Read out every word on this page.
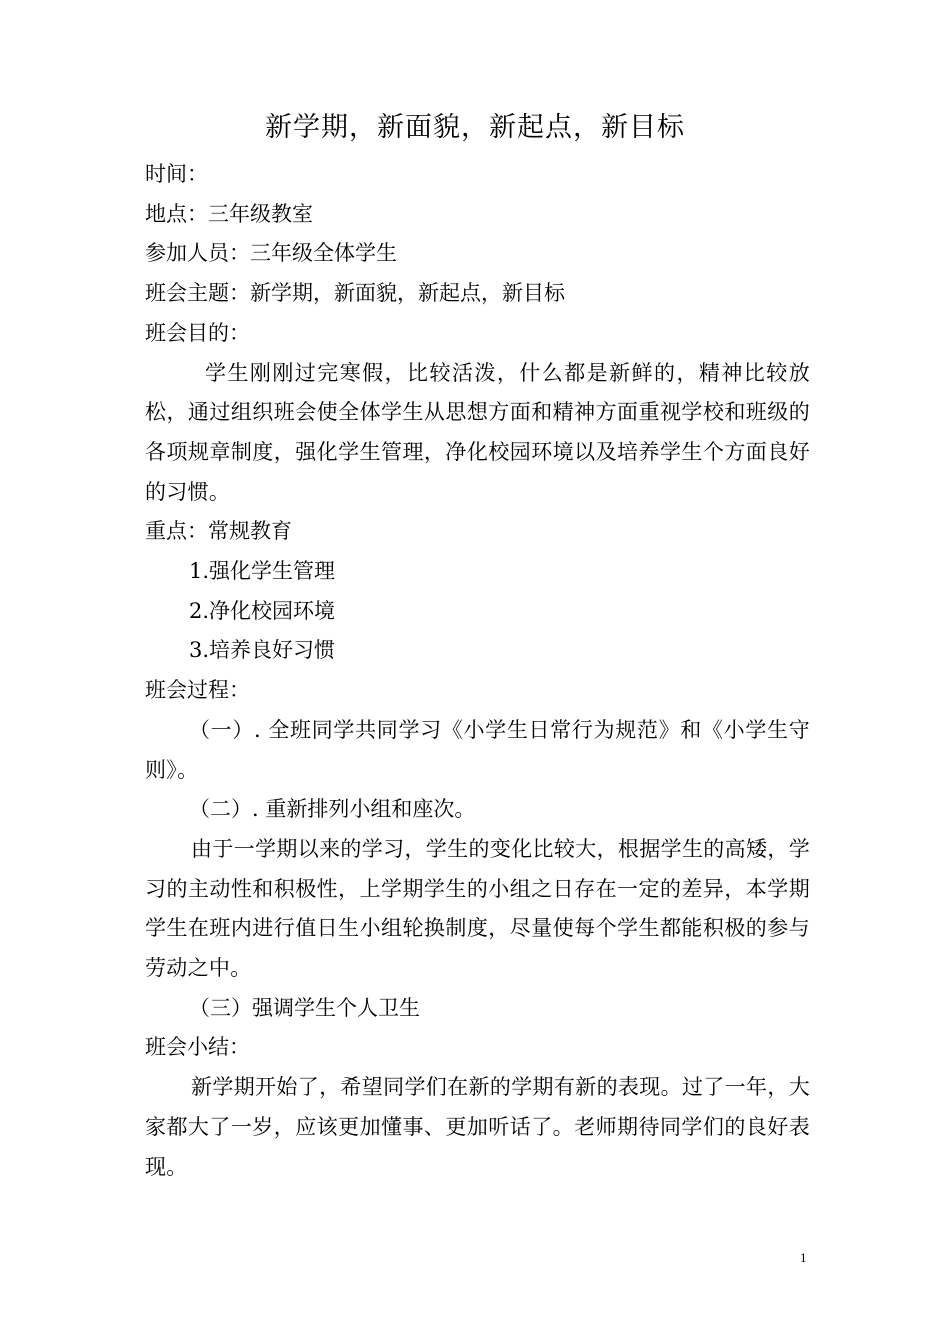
新学期，新面貌，新起点，新目标

时间：

地点：三年级教室

参加人员：三年级全体学生

班会主题：新学期，新面貌，新起点，新目标

班会目的：

学生刚刚过完寒假，比较活泼，什么都是新鲜的，精神比较放松，通过组织班会使全体学生从思想方面和精神方面重视学校和班级的各项规章制度，强化学生管理，净化校园环境以及培养学生个方面良好的习惯。

重点：常规教育

1.强化学生管理

2.净化校园环境

3.培养良好习惯

班会过程：

（一）. 全班同学共同学习《小学生日常行为规范》和《小学生守则》。

（二）. 重新排列小组和座次。

由于一学期以来的学习，学生的变化比较大，根据学生的高矮，学习的主动性和积极性，上学期学生的小组之日存在一定的差异，本学期学生在班内进行值日生小组轮换制度，尽量使每个学生都能积极的参与劳动之中。

（三）强调学生个人卫生

班会小结：

新学期开始了，希望同学们在新的学期有新的表现。过了一年，大家都大了一岁，应该更加懂事、更加听话了。老师期待同学们的良好表现。

1
